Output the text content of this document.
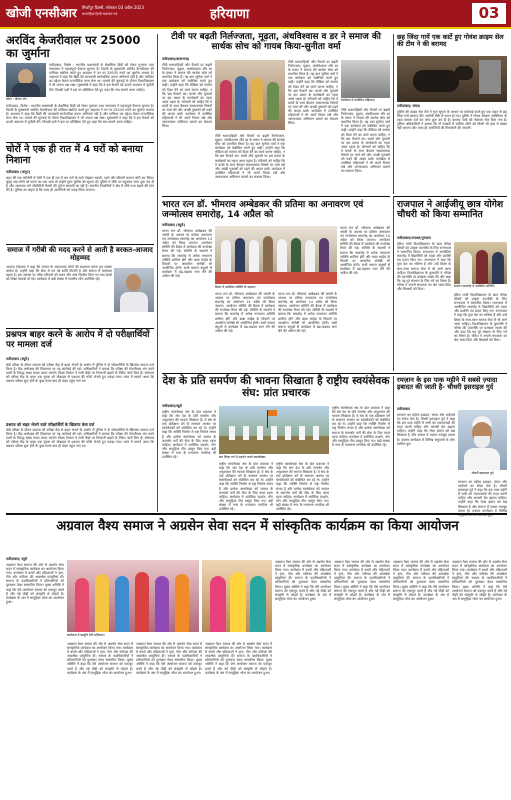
खोजी एनसीआर मिर्जापुर दिल्ली, सोमवार 03 अप्रैल 2023
साप्ताहिक हिन्दी समाचार पत्र	हरियाणा	03
अरविंद केजरीवाल पर 25000 का जुर्माना
फोटो : दीपक जैन
फरीदाबाद, विशेष : भारतीय प्रधानमंत्री के शैक्षणिक डिग्री को लेकर गुजरात उच्च न्यायालय ने महत्वपूर्ण फैसला सुनाया है। दिल्ली के मुख्यमंत्री अरविंद केजरीवाल की याचिका खारिज करते हुए अदालत ने उन पर 25000 रुपये का जुर्माना लगाया है। अदालत ने कहा कि डिग्री की जानकारी सार्वजनिक करना अनिवार्य नहीं है और याचिका का उद्देश्य केवल राजनीतिक लाभ लेना था। मामले की सुनवाई के दौरान विश्वविद्यालय ने भी अपना पक्ष रखा। मुख्यमंत्री ने कहा कि वे इस फैसले को ऊपरी अदालत में चुनौती देंगे। विपक्षी दलों ने इस पर प्रतिक्रिया देते हुए कहा कि सच सामने आना चाहिए।
फरीदाबाद, विशेष : भारतीय प्रधानमंत्री के शैक्षणिक डिग्री को लेकर गुजरात उच्च न्यायालय ने महत्वपूर्ण फैसला सुनाया है। दिल्ली के मुख्यमंत्री अरविंद केजरीवाल की याचिका खारिज करते हुए अदालत ने उन पर 25000 रुपये का जुर्माना लगाया है। अदालत ने कहा कि डिग्री की जानकारी सार्वजनिक करना अनिवार्य नहीं है और याचिका का उद्देश्य केवल राजनीतिक लाभ लेना था। मामले की सुनवाई के दौरान विश्वविद्यालय ने भी अपना पक्ष रखा। मुख्यमंत्री ने कहा कि वे इस फैसले को ऊपरी अदालत में चुनौती देंगे। विपक्षी दलों ने इस पर प्रतिक्रिया देते हुए कहा कि सच सामने आना चाहिए।
चोरों ने एक ही रात में 4 घरों को बनाया निशाना
फरीदाबाद (अनूप)
शहर की एक कॉलोनी में चोरों ने एक ही रात में चार घरों के ताले तोड़कर नकदी, गहने और कीमती सामान चोरी कर लिया। सुबह जब लोगों को घटना का पता चला तो उन्होंने तुरंत पुलिस को सूचना दी। पुलिस ने मौके पर पहुंचकर जांच शुरू कर दी है और आसपास लगे सीसीटीवी कैमरों की फुटेज खंगाली जा रही है। स्थानीय निवासियों ने क्षेत्र में रात्रि गश्त बढ़ाने की मांग की है। पुलिस का कहना है कि जल्द ही आरोपियों को पकड़ लिया जाएगा।
समाज में गरीबी की मदद करने से आती है बरकत-आजाद मोहम्मद
आजाद मोहम्मद ने कहा कि समाज के जरूरतमंद लोगों की सहायता करना हम सबका कर्तव्य है। उन्होंने कहा कि सेवा से मन को शांति मिलती है और समाज में भाईचारा बढ़ता है। इस अवसर पर गरीब परिवारों को राशन और वस्त्र वितरित किए गए तथा बच्चों को शिक्षा सामग्री दी गई। कार्यक्रम में बड़ी संख्या में स्थानीय लोग उपस्थित रहे।
प्रश्नपत्र बाहर करने के आरोप में दो परीक्षार्थियों पर मामला दर्ज
फरीदाबाद (ब्यूरो)
बोर्ड परीक्षा के दौरान प्रश्नपत्र को परीक्षा केंद्र से बाहर भेजने के आरोप में पुलिस ने दो परीक्षार्थियों के खिलाफ मामला दर्ज किया है। केंद्र अधीक्षक की शिकायत पर यह कार्रवाई की गई। अधिकारियों ने बताया कि परीक्षा की गोपनीयता भंग करने वालों के विरुद्ध सख्त कदम उठाए जाएंगे। शिक्षा विभाग ने सभी केंद्रों पर निगरानी बढ़ाने के निर्देश जारी किए हैं। सोमवार को परीक्षा केंद्र के बाहर एक युवक को मोबाइल से प्रश्नपत्र की फोटो भेजते हुए पकड़ा गया। जांच में सामने आया कि प्रश्नपत्र परीक्षा शुरू होने के कुछ समय बाद ही बाहर पहुंच गया था।
प्रश्नपत्र को बाहर भेजने वाले परीक्षार्थियों के खिलाफ केस दर्ज
बोर्ड परीक्षा के दौरान प्रश्नपत्र को परीक्षा केंद्र से बाहर भेजने के आरोप में पुलिस ने दो परीक्षार्थियों के खिलाफ मामला दर्ज किया है। केंद्र अधीक्षक की शिकायत पर यह कार्रवाई की गई। अधिकारियों ने बताया कि परीक्षा की गोपनीयता भंग करने वालों के विरुद्ध सख्त कदम उठाए जाएंगे। शिक्षा विभाग ने सभी केंद्रों पर निगरानी बढ़ाने के निर्देश जारी किए हैं। सोमवार को परीक्षा केंद्र के बाहर एक युवक को मोबाइल से प्रश्नपत्र की फोटो भेजते हुए पकड़ा गया। जांच में सामने आया कि प्रश्नपत्र परीक्षा शुरू होने के कुछ समय बाद ही बाहर पहुंच गया था।
टीवी पर बढ़ती निर्लज्जता, मूढ़ता, अंधविश्वास व डर ने समाज की सार्थक सोच को गायब किया-सुनीता वर्मा
फरीदाबाद/बल्लभगढ़
टीवी धारावाहिकों और चैनलों पर बढ़ती निर्लज्जता, मूढ़ता, अंधविश्वास और डर के प्रसार ने समाज की सार्थक सोच को प्रभावित किया है। यह बात सुनीता वर्मा ने एक कार्यक्रम को संबोधित करते हुए कही। उन्होंने कहा कि मीडिया को समाज को दिशा देने का कार्य करना चाहिए, न कि भ्रम फैलाने का। बच्चों और युवाओं पर इस प्रकार के कार्यक्रमों का गहरा असर पड़ता है। परिवारों को चाहिए कि वे बच्चों के साथ बैठकर सकारात्मक विषयों पर चर्चा करें और अच्छी पुस्तकों को पढ़ने की आदत डालें। कार्यक्रम में उपस्थित महिलाओं ने भी अपने विचार रखे और जागरूकता अभियान चलाने का संकल्प लिया।
टीवी धारावाहिकों और चैनलों पर बढ़ती निर्लज्जता, मूढ़ता, अंधविश्वास और डर के प्रसार ने समाज की सार्थक सोच को प्रभावित किया है। यह बात सुनीता वर्मा ने एक कार्यक्रम को संबोधित करते हुए कही। उन्होंने कहा कि मीडिया को समाज को दिशा देने का कार्य करना चाहिए, न कि भ्रम फैलाने का। बच्चों और युवाओं पर इस प्रकार के कार्यक्रमों का गहरा असर पड़ता है। परिवारों को चाहिए कि वे बच्चों के साथ बैठकर सकारात्मक विषयों पर चर्चा करें और अच्छी पुस्तकों को पढ़ने की आदत डालें। कार्यक्रम में उपस्थित महिलाओं ने भी अपने विचार रखे और जागरूकता अभियान चलाने का संकल्प लिया।
टीवी धारावाहिकों और चैनलों पर बढ़ती निर्लज्जता, मूढ़ता, अंधविश्वास और डर के प्रसार ने समाज की सार्थक सोच को प्रभावित किया है। यह बात सुनीता वर्मा ने एक कार्यक्रम को संबोधित करते हुए कही। उन्होंने कहा कि मीडिया को समाज को दिशा देने का कार्य करना चाहिए, न कि भ्रम फैलाने का। बच्चों और युवाओं पर इस प्रकार के कार्यक्रमों का गहरा असर पड़ता है। परिवारों को चाहिए कि वे बच्चों के साथ बैठकर सकारात्मक विषयों पर चर्चा करें और अच्छी पुस्तकों को पढ़ने की आदत डालें। कार्यक्रम में उपस्थित महिलाओं ने भी अपने विचार रखे और जागरूकता अभियान चलाने का संकल्प लिया।
कार्यक्रम में उपस्थित महिलाएं।
टीवी धारावाहिकों और चैनलों पर बढ़ती निर्लज्जता, मूढ़ता, अंधविश्वास और डर के प्रसार ने समाज की सार्थक सोच को प्रभावित किया है। यह बात सुनीता वर्मा ने एक कार्यक्रम को संबोधित करते हुए कही। उन्होंने कहा कि मीडिया को समाज को दिशा देने का कार्य करना चाहिए, न कि भ्रम फैलाने का। बच्चों और युवाओं पर इस प्रकार के कार्यक्रमों का गहरा असर पड़ता है। परिवारों को चाहिए कि वे बच्चों के साथ बैठकर सकारात्मक विषयों पर चर्चा करें और अच्छी पुस्तकों को पढ़ने की आदत डालें। कार्यक्रम में उपस्थित महिलाओं ने भी अपने विचार रखे और जागरूकता अभियान चलाने का संकल्प लिया।
भारत रत्न डॉ. भीमराव अम्बेडकर की प्रतिमा का अनावरण एवं जन्मोत्सव समारोह, 14 अप्रैल को
फरीदाबाद (ब्यूरो)
भारत रत्न डॉ. भीमराव अम्बेडकर की जयंती के अवसर पर प्रतिमा अनावरण एवं जन्मोत्सव समारोह का आयोजन 14 अप्रैल को किया जाएगा। आयोजन समिति की बैठक में कार्यक्रम की रूपरेखा तैयार की गई। समिति के सदस्यों ने बताया कि समारोह में अनेक गणमान्य अतिथि शामिल होंगे और बाबा साहेब के विचारों पर आधारित संगोष्ठी भी आयोजित होगी। सभी समाज बंधुओं से कार्यक्रम में बढ़-चढ़कर भाग लेने की अपील की गई।
बैठक में उपस्थित समिति के सदस्य।
भारत रत्न डॉ. भीमराव अम्बेडकर की जयंती के अवसर पर प्रतिमा अनावरण एवं जन्मोत्सव समारोह का आयोजन 14 अप्रैल को किया जाएगा। आयोजन समिति की बैठक में कार्यक्रम की रूपरेखा तैयार की गई। समिति के सदस्यों ने बताया कि समारोह में अनेक गणमान्य अतिथि शामिल होंगे और बाबा साहेब के विचारों पर आधारित संगोष्ठी भी आयोजित होगी। सभी समाज बंधुओं से कार्यक्रम में बढ़-चढ़कर भाग लेने की अपील की गई।
भारत रत्न डॉ. भीमराव अम्बेडकर की जयंती के अवसर पर प्रतिमा अनावरण एवं जन्मोत्सव समारोह का आयोजन 14 अप्रैल को किया जाएगा। आयोजन समिति की बैठक में कार्यक्रम की रूपरेखा तैयार की गई। समिति के सदस्यों ने बताया कि समारोह में अनेक गणमान्य अतिथि शामिल होंगे और बाबा साहेब के विचारों पर आधारित संगोष्ठी भी आयोजित होगी। सभी समाज बंधुओं से कार्यक्रम में बढ़-चढ़कर भाग लेने की अपील की गई।
भारत रत्न डॉ. भीमराव अम्बेडकर की जयंती के अवसर पर प्रतिमा अनावरण एवं जन्मोत्सव समारोह का आयोजन 14 अप्रैल को किया जाएगा। आयोजन समिति की बैठक में कार्यक्रम की रूपरेखा तैयार की गई। समिति के सदस्यों ने बताया कि समारोह में अनेक गणमान्य अतिथि शामिल होंगे और बाबा साहेब के विचारों पर आधारित संगोष्ठी भी आयोजित होगी। सभी समाज बंधुओं से कार्यक्रम में बढ़-चढ़कर भाग लेने की अपील की गई।
छह जिंदा गायें एक कार्टे हुए गोवंश क्राइम सेल की टीम ने की बरामद
फरीदाबाद/ संवाद
पुलिस की क्राइम सेल टीम ने गुप्त सूचना के आधार पर कार्रवाई करते हुए एक वाहन से छह जिंदा गायें बरामद कीं। आरोपी मौके से फरार हो गए। पुलिस ने गोवंश संरक्षण अधिनियम के तहत मामला दर्ज कर जांच शुरू कर दी है। बरामद गायों को गौशाला भेज दिया गया है। पुलिस अधिकारियों ने बताया कि गौ तस्करी में शामिल लोगों को किसी भी हाल में बख्शा नहीं जाएगा और जल्द ही आरोपियों की गिरफ्तारी की जाएगी।
राजपाल ने आईजीयू छात्र योगेश चौधरी को किया सम्मानित
फरीदाबाद/पलवल/गुरुग्राम
इंदिरा गांधी विश्वविद्यालय के छात्र योगेश चौधरी को उत्कृष्ट उपलब्धि के लिए राज्यपाल ने सम्मानित किया। राजभवन में आयोजित समारोह में विद्यार्थियों को पदक और प्रशस्ति पत्र प्रदान किए गए। राज्यपाल ने कहा कि युवा देश का भविष्य हैं और उन्हें शिक्षा के साथ-साथ समाज सेवा में भी आगे आना चाहिए। विश्वविद्यालय के कुलपति ने योगेश की उपलब्धि पर प्रसन्नता व्यक्त की और कहा कि यह पूरे संस्थान के लिए गर्व का विषय है। योगेश ने अपनी सफलता का श्रेय माता-पिता और शिक्षकों को दिया।
सम्मान समारोह में उपस्थित अतिथि।
इंदिरा गांधी विश्वविद्यालय के छात्र योगेश चौधरी को उत्कृष्ट उपलब्धि के लिए राज्यपाल ने सम्मानित किया। राजभवन में आयोजित समारोह में विद्यार्थियों को पदक और प्रशस्ति पत्र प्रदान किए गए। राज्यपाल ने कहा कि युवा देश का भविष्य हैं और उन्हें शिक्षा के साथ-साथ समाज सेवा में भी आगे आना चाहिए। विश्वविद्यालय के कुलपति ने योगेश की उपलब्धि पर प्रसन्नता व्यक्त की और कहा कि यह पूरे संस्थान के लिए गर्व का विषय है। योगेश ने अपनी सफलता का श्रेय माता-पिता और शिक्षकों को दिया।
देश के प्रति समर्पण की भावना सिखाता है राष्ट्रीय स्वयंसेवक संघ: प्रांत प्रचारक
फरीदाबाद/ब्यूरो
राष्ट्रीय स्वयंसेवक संघ के प्रांत प्रचारक ने कहा कि संघ देश के प्रति समर्पण और अनुशासन की भावना सिखाता है। वे संघ के एक प्रशिक्षण वर्ग के समापन अवसर पर स्वयंसेवकों को संबोधित कर रहे थे। उन्होंने कहा कि व्यक्ति निर्माण से राष्ट्र निर्माण संभव है और प्रत्येक स्वयंसेवक को समाज के कमजोर वर्गों की सेवा के लिए तत्पर रहना चाहिए। कार्यक्रम में शारीरिक प्रदर्शन, योग और सामूहिक गीत प्रस्तुत किए गए। बड़ी संख्या में नगर के गणमान्य नागरिक भी उपस्थित रहे।	संघ शिक्षा वर्ग में प्रदर्शन करते स्वयंसेवक।
राष्ट्रीय स्वयंसेवक संघ के प्रांत प्रचारक ने कहा कि संघ देश के प्रति समर्पण और अनुशासन की भावना सिखाता है। वे संघ के एक प्रशिक्षण वर्ग के समापन अवसर पर स्वयंसेवकों को संबोधित कर रहे थे। उन्होंने कहा कि व्यक्ति निर्माण से राष्ट्र निर्माण संभव है और प्रत्येक स्वयंसेवक को समाज के कमजोर वर्गों की सेवा के लिए तत्पर रहना चाहिए। कार्यक्रम में शारीरिक प्रदर्शन, योग और सामूहिक गीत प्रस्तुत किए गए। बड़ी संख्या में नगर के गणमान्य नागरिक भी उपस्थित रहे।
राष्ट्रीय स्वयंसेवक संघ के प्रांत प्रचारक ने कहा कि संघ देश के प्रति समर्पण और अनुशासन की भावना सिखाता है। वे संघ के एक प्रशिक्षण वर्ग के समापन अवसर पर स्वयंसेवकों को संबोधित कर रहे थे। उन्होंने कहा कि व्यक्ति निर्माण से राष्ट्र निर्माण संभव है और प्रत्येक स्वयंसेवक को समाज के कमजोर वर्गों की सेवा के लिए तत्पर रहना चाहिए। कार्यक्रम में शारीरिक प्रदर्शन, योग और सामूहिक गीत प्रस्तुत किए गए। बड़ी संख्या में नगर के गणमान्य नागरिक भी उपस्थित रहे।
राष्ट्रीय स्वयंसेवक संघ के प्रांत प्रचारक ने कहा कि संघ देश के प्रति समर्पण और अनुशासन की भावना सिखाता है। वे संघ के एक प्रशिक्षण वर्ग के समापन अवसर पर स्वयंसेवकों को संबोधित कर रहे थे। उन्होंने कहा कि व्यक्ति निर्माण से राष्ट्र निर्माण संभव है और प्रत्येक स्वयंसेवक को समाज के कमजोर वर्गों की सेवा के लिए तत्पर रहना चाहिए। कार्यक्रम में शारीरिक प्रदर्शन, योग और सामूहिक गीत प्रस्तुत किए गए। बड़ी संख्या में नगर के गणमान्य नागरिक भी उपस्थित रहे।
रमज़ान के इस पाक महीने में सबसे ज़्यादा इबादत की जाती है- चौधरी इसराइल गुर्द
फरीदाबाद
रमज़ान का महीना इबादत, संयम और भाईचारे का संदेश देता है। चौधरी इसराइल गुर्द ने कहा कि इस पाक महीने में सभी को जरूरतमंदों की मदद करनी चाहिए और आपसी प्रेम बढ़ाना चाहिए। उन्होंने कहा कि रोज़ा इंसान को सब्र सिखाता है और समाज में एकता मजबूत करता है। इफ्तार कार्यक्रम में विभिन्न समुदायों के लोग शामिल हुए।
चौधरी इसराइल गुर्द
रमज़ान का महीना इबादत, संयम और भाईचारे का संदेश देता है। चौधरी इसराइल गुर्द ने कहा कि इस पाक महीने में सभी को जरूरतमंदों की मदद करनी चाहिए और आपसी प्रेम बढ़ाना चाहिए। उन्होंने कहा कि रोज़ा इंसान को सब्र सिखाता है और समाज में एकता मजबूत करता है। इफ्तार कार्यक्रम में विभिन्न
अग्रवाल वैश्य समाज ने अग्रसेन सेवा सदन में सांस्कृतिक कार्यक्रम का किया आयोजन
फरीदाबाद/ ब्यूरो
अग्रवाल वैश्य समाज की ओर से अग्रसेन सेवा सदन में सांस्कृतिक कार्यक्रम का आयोजन किया गया। कार्यक्रम में बच्चों और महिलाओं ने नृत्य, गीत और नाटिका की आकर्षक प्रस्तुतियां दीं। समाज के पदाधिकारियों ने प्रतिभागियों को पुरस्कार देकर सम्मानित किया। मुख्य अतिथि ने कहा कि ऐसे आयोजन समाज को एकजुट करते हैं और नई पीढ़ी को संस्कृति से जोड़ते हैं। कार्यक्रम के अंत में सामूहिक भोज का आयोजन हुआ।
कार्यक्रम में प्रस्तुति देती महिलाएं।
अग्रवाल वैश्य समाज की ओर से अग्रसेन सेवा सदन में सांस्कृतिक कार्यक्रम का आयोजन किया गया। कार्यक्रम में बच्चों और महिलाओं ने नृत्य, गीत और नाटिका की आकर्षक प्रस्तुतियां दीं। समाज के पदाधिकारियों ने प्रतिभागियों को पुरस्कार देकर सम्मानित किया। मुख्य अतिथि ने कहा कि ऐसे आयोजन समाज को एकजुट करते हैं और नई पीढ़ी को संस्कृति से जोड़ते हैं। कार्यक्रम के अंत में सामूहिक भोज का आयोजन हुआ।
अग्रवाल वैश्य समाज की ओर से अग्रसेन सेवा सदन में सांस्कृतिक कार्यक्रम का आयोजन किया गया। कार्यक्रम में बच्चों और महिलाओं ने नृत्य, गीत और नाटिका की आकर्षक प्रस्तुतियां दीं। समाज के पदाधिकारियों ने प्रतिभागियों को पुरस्कार देकर सम्मानित किया। मुख्य अतिथि ने कहा कि ऐसे आयोजन समाज को एकजुट करते हैं और नई पीढ़ी को संस्कृति से जोड़ते हैं। कार्यक्रम के अंत में सामूहिक भोज का आयोजन हुआ।
अग्रवाल वैश्य समाज की ओर से अग्रसेन सेवा सदन में सांस्कृतिक कार्यक्रम का आयोजन किया गया। कार्यक्रम में बच्चों और महिलाओं ने नृत्य, गीत और नाटिका की आकर्षक प्रस्तुतियां दीं। समाज के पदाधिकारियों ने प्रतिभागियों को पुरस्कार देकर सम्मानित किया। मुख्य अतिथि ने कहा कि ऐसे आयोजन समाज को एकजुट करते हैं और नई पीढ़ी को संस्कृति से जोड़ते हैं। कार्यक्रम के अंत में सामूहिक भोज का आयोजन हुआ।
अग्रवाल वैश्य समाज की ओर से अग्रसेन सेवा सदन में सांस्कृतिक कार्यक्रम का आयोजन किया गया। कार्यक्रम में बच्चों और महिलाओं ने नृत्य, गीत और नाटिका की आकर्षक प्रस्तुतियां दीं। समाज के पदाधिकारियों ने प्रतिभागियों को पुरस्कार देकर सम्मानित किया। मुख्य अतिथि ने कहा कि ऐसे आयोजन समाज को एकजुट करते हैं और नई पीढ़ी को संस्कृति से जोड़ते हैं। कार्यक्रम के अंत में सामूहिक भोज का आयोजन हुआ।
अग्रवाल वैश्य समाज की ओर से अग्रसेन सेवा सदन में सांस्कृतिक कार्यक्रम का आयोजन किया गया। कार्यक्रम में बच्चों और महिलाओं ने नृत्य, गीत और नाटिका की आकर्षक प्रस्तुतियां दीं। समाज के पदाधिकारियों ने प्रतिभागियों को पुरस्कार देकर सम्मानित किया। मुख्य अतिथि ने कहा कि ऐसे आयोजन समाज को एकजुट करते हैं और नई पीढ़ी को संस्कृति से जोड़ते हैं। कार्यक्रम के अंत में सामूहिक भोज का आयोजन हुआ।
अग्रवाल वैश्य समाज की ओर से अग्रसेन सेवा सदन में सांस्कृतिक कार्यक्रम का आयोजन किया गया। कार्यक्रम में बच्चों और महिलाओं ने नृत्य, गीत और नाटिका की आकर्षक प्रस्तुतियां दीं। समाज के पदाधिकारियों ने प्रतिभागियों को पुरस्कार देकर सम्मानित किया। मुख्य अतिथि ने कहा कि ऐसे आयोजन समाज को एकजुट करते हैं और नई पीढ़ी को संस्कृति से जोड़ते हैं। कार्यक्रम के अंत में सामूहिक भोज का आयोजन हुआ।
अग्रवाल वैश्य समाज की ओर से अग्रसेन सेवा सदन में सांस्कृतिक कार्यक्रम का आयोजन किया गया। कार्यक्रम में बच्चों और महिलाओं ने नृत्य, गीत और नाटिका की आकर्षक प्रस्तुतियां दीं। समाज के पदाधिकारियों ने प्रतिभागियों को पुरस्कार देकर सम्मानित किया। मुख्य अतिथि ने कहा कि ऐसे आयोजन समाज को एकजुट करते हैं और नई पीढ़ी को संस्कृति से जोड़ते हैं। कार्यक्रम के अंत में सामूहिक भोज का आयोजन हुआ।
